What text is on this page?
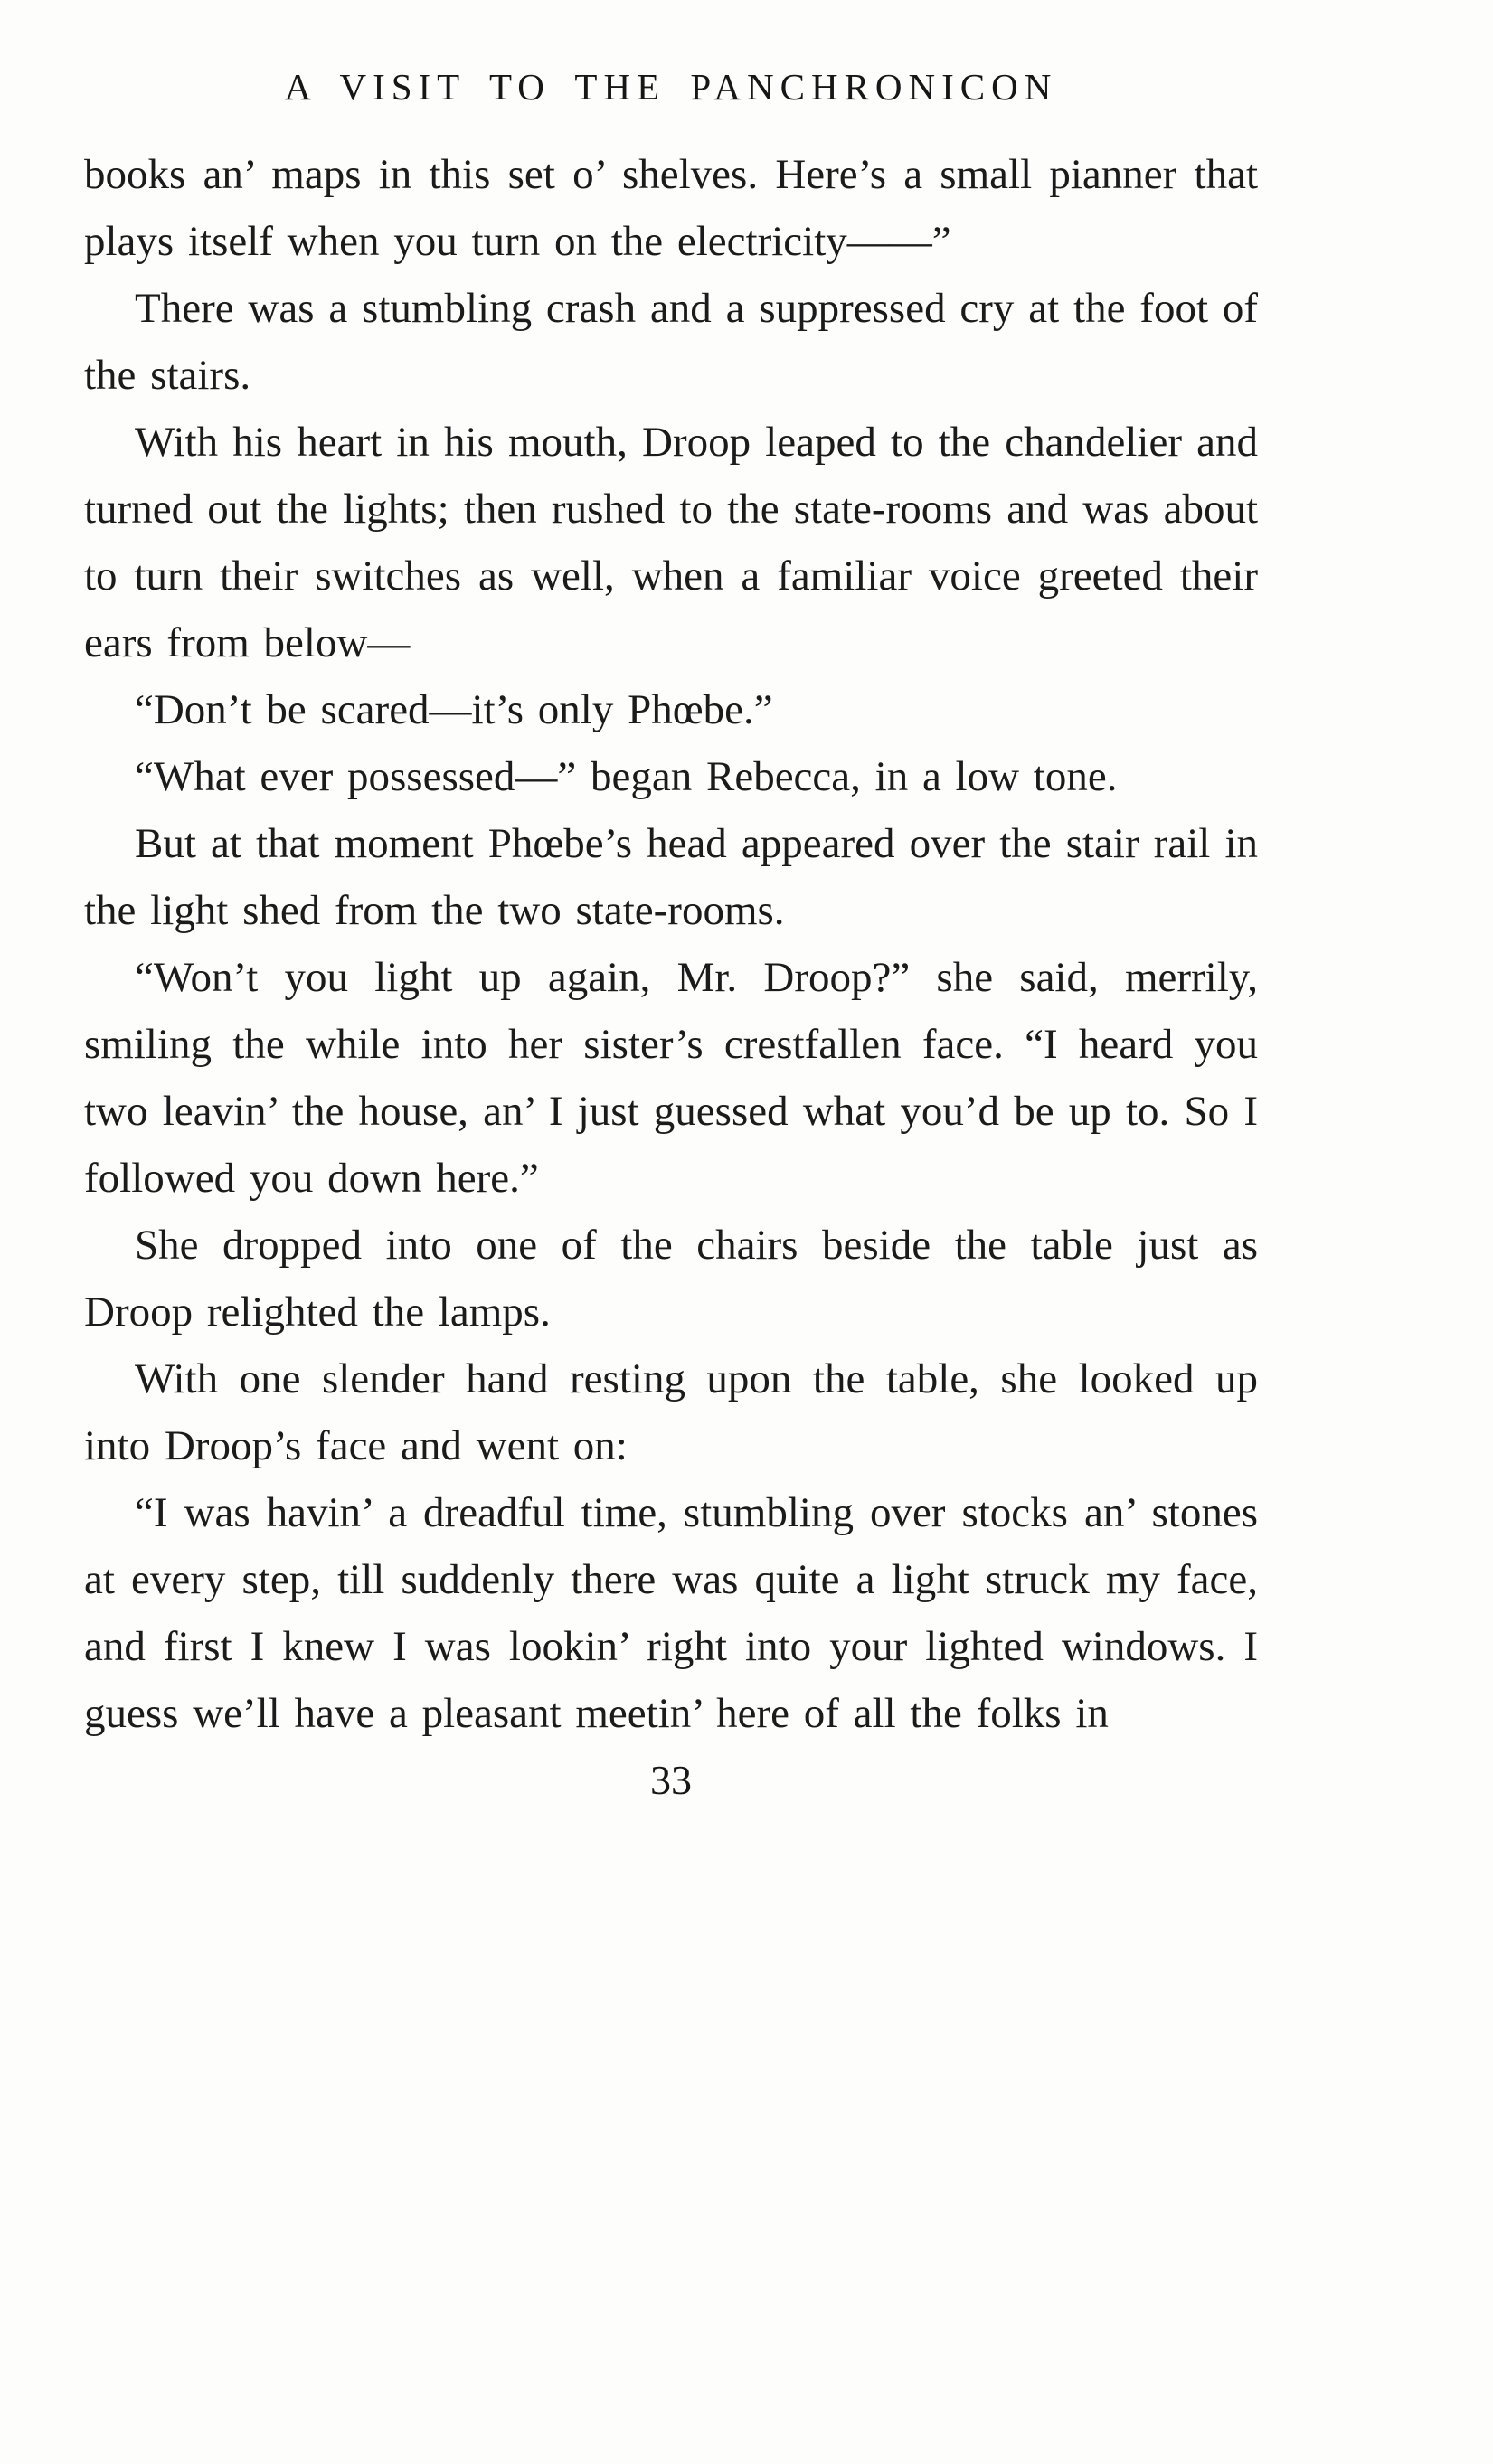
A VISIT TO THE PANCHRONICON

books an’ maps in this set o’ shelves. Here’s a small pianner that plays itself when you turn on the electricity——”

There was a stumbling crash and a suppressed cry at the foot of the stairs.

With his heart in his mouth, Droop leaped to the chandelier and turned out the lights; then rushed to the state-rooms and was about to turn their switches as well, when a familiar voice greeted their ears from below—

“Don’t be scared—it’s only Phœbe.”

“What ever possessed—” began Rebecca, in a low tone.

But at that moment Phœbe’s head appeared over the stair rail in the light shed from the two state-rooms.

“Won’t you light up again, Mr. Droop?” she said, merrily, smiling the while into her sister’s crestfallen face. “I heard you two leavin’ the house, an’ I just guessed what you’d be up to. So I followed you down here.”

She dropped into one of the chairs beside the table just as Droop relighted the lamps.

With one slender hand resting upon the table, she looked up into Droop’s face and went on:

“I was havin’ a dreadful time, stumbling over stocks an’ stones at every step, till suddenly there was quite a light struck my face, and first I knew I was lookin’ right into your lighted windows. I guess we’ll have a pleasant meetin’ here of all the folks in

33
